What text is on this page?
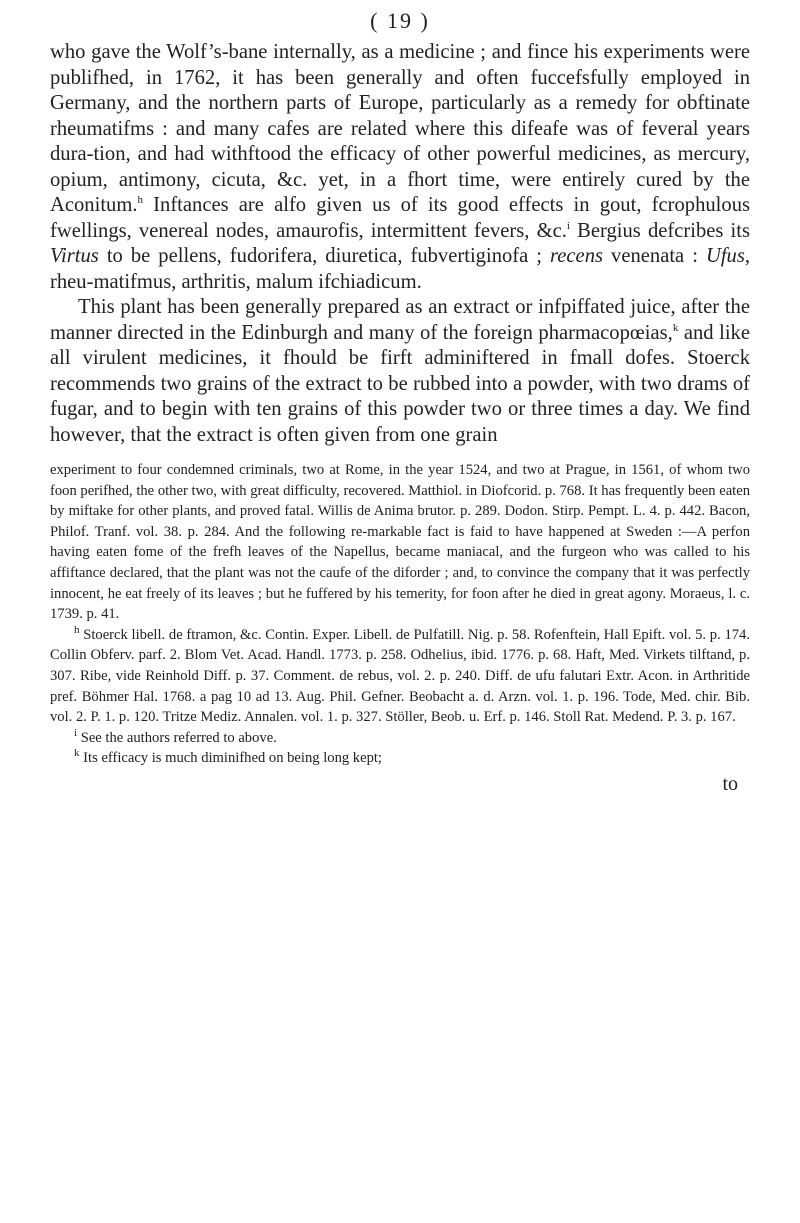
( 19 )

who gave the Wolf’s-bane internally, as a medicine ; and fince his experiments were publifhed, in 1762, it has been generally and often fuccefsfully employed in Germany, and the northern parts of Europe, particularly as a remedy for obftinate rheumatifms : and many cafes are related where this difeafe was of feveral years dura-tion, and had withftood the efficacy of other powerful medicines, as mercury, opium, antimony, cicuta, &c. yet, in a fhort time, were entirely cured by the Aconitum.$^h$ Inftances are alfo given us of its good effects in gout, fcrophulous fwellings, venereal nodes, amaurofis, intermittent fevers, &c.$^i$ Bergius defcribes its Virtus to be pellens, fudorifera, diuretica, fubvertiginofa ; recens venenata : Ufus, rheu-matifmus, arthritis, malum ifchiadicum.

This plant has been generally prepared as an extract or infpiffated juice, after the manner directed in the Edinburgh and many of the foreign pharmacopœias,$^k$ and like all virulent medicines, it fhould be firft adminiftered in fmall dofes. Stoerck recommends two grains of the extract to be rubbed into a powder, with two drams of fugar, and to begin with ten grains of this powder two or three times a day. We find however, that the extract is often given from one grain

experiment to four condemned criminals, two at Rome, in the year 1524, and two at Prague, in 1561, of whom two foon perifhed, the other two, with great difficulty, recovered. Matthiol. in Diofcorid. p. 768. It has frequently been eaten by miftake for other plants, and proved fatal. Willis de Anima brutor. p. 289. Dodon. Stirp. Pempt. L. 4. p. 442. Bacon, Philof. Tranf. vol. 38. p. 284. And the following re-markable fact is faid to have happened at Sweden :—A perfon having eaten fome of the frefh leaves of the Napellus, became maniacal, and the furgeon who was called to his affiftance declared, that the plant was not the caufe of the diforder ; and, to convince the company that it was perfectly innocent, he eat freely of its leaves ; but he fuffered by his temerity, for foon after he died in great agony. Moraeus, l. c. 1739. p. 41.

$^h$ Stoerck libell. de ftramon, &c. Contin. Exper. Libell. de Pulfatill. Nig. p. 58. Rofenftein, Hall Epift. vol. 5. p. 174. Collin Obferv. parf. 2. Blom Vet. Acad. Handl. 1773. p. 258. Odhelius, ibid. 1776. p. 68. Haft, Med. Virkets tilftand, p. 307. Ribe, vide Reinhold Diff. p. 37. Comment. de rebus, vol. 2. p. 240. Diff. de ufu falutari Extr. Acon. in Arthritide pref. Böhmer Hal. 1768. a pag 10 ad 13. Aug. Phil. Gefner. Beobacht a. d. Arzn. vol. 1. p. 196. Tode, Med. chir. Bib. vol. 2. P. 1. p. 120. Tritze Mediz. Annalen. vol. 1. p. 327. Stöller, Beob. u. Erf. p. 146. Stoll Rat. Medend. P. 3. p. 167.

$^i$ See the authors referred to above.

$^k$ Its efficacy is much diminifhed on being long kept;

to
